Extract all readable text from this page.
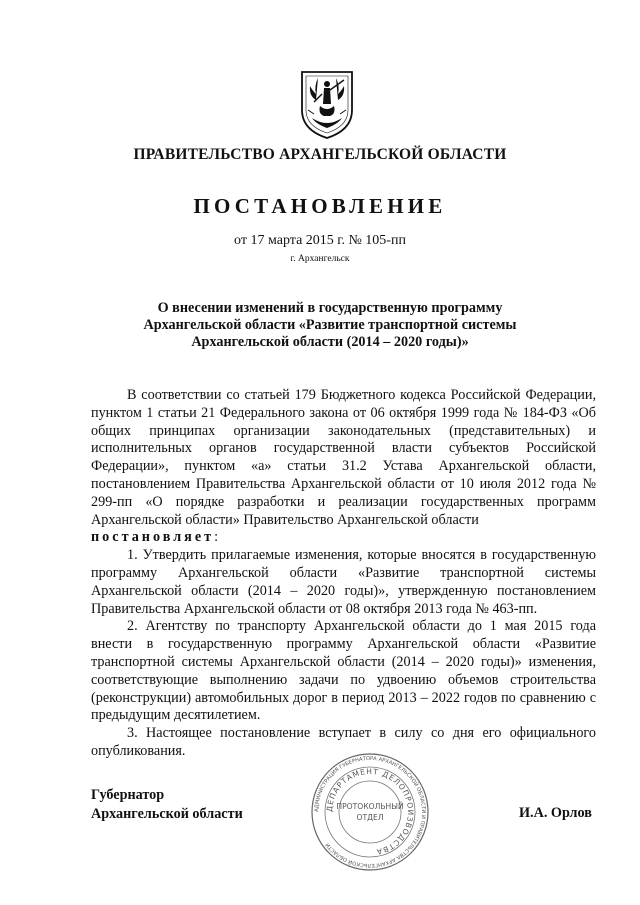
ПРАВИТЕЛЬСТВО АРХАНГЕЛЬСКОЙ ОБЛАСТИ
ПОСТАНОВЛЕНИЕ
от 17 марта 2015 г. № 105-пп
г. Архангельск
О внесении изменений в государственную программу
Архангельской области «Развитие транспортной системы
Архангельской области (2014 – 2020 годы)»

В соответствии со статьей 179 Бюджетного кодекса Российской Федерации, пунктом 1 статьи 21 Федерального закона от 06 октября 1999 года № 184-ФЗ «Об общих принципах организации законодательных (представительных) и исполнительных органов государственной власти субъектов Российской Федерации», пунктом «а» статьи 31.2 Устава Архангельской области, постановлением Правительства Архангельской области от 10 июля 2012 года № 299-пп «О порядке разработки и реализации государственных программ Архангельской области» Правительство Архангельской области

постановляет:

1. Утвердить прилагаемые изменения, которые вносятся в государственную программу Архангельской области «Развитие транспортной системы Архангельской области (2014 – 2020 годы)», утвержденную постановлением Правительства Архангельской области от 08 октября 2013 года № 463-пп.

2. Агентству по транспорту Архангельской области до 1 мая 2015 года внести в государственную программу Архангельской области «Развитие транспортной системы Архангельской области (2014 – 2020 годы)» изменения, соответствующие выполнению задачи по удвоению объемов строительства (реконструкции) автомобильных дорог в период 2013 – 2022 годов по сравнению с предыдущим десятилетием.

3. Настоящее постановление вступает в силу со дня его официального опубликования.

Губернатор
Архангельской области	И.А. Орлов
АДМИНИСТРАЦИЯ ГУБЕРНАТОРА АРХАНГЕЛЬСКОЙ ОБЛАСТИ И ПРАВИТЕЛЬСТВА АРХАНГЕЛЬСКОЙ ОБЛАСТИ
ДЕПАРТАМЕНТ ДЕЛОПРОИЗВОДСТВА
ПРОТОКОЛЬНЫЙ
ОТДЕЛ
